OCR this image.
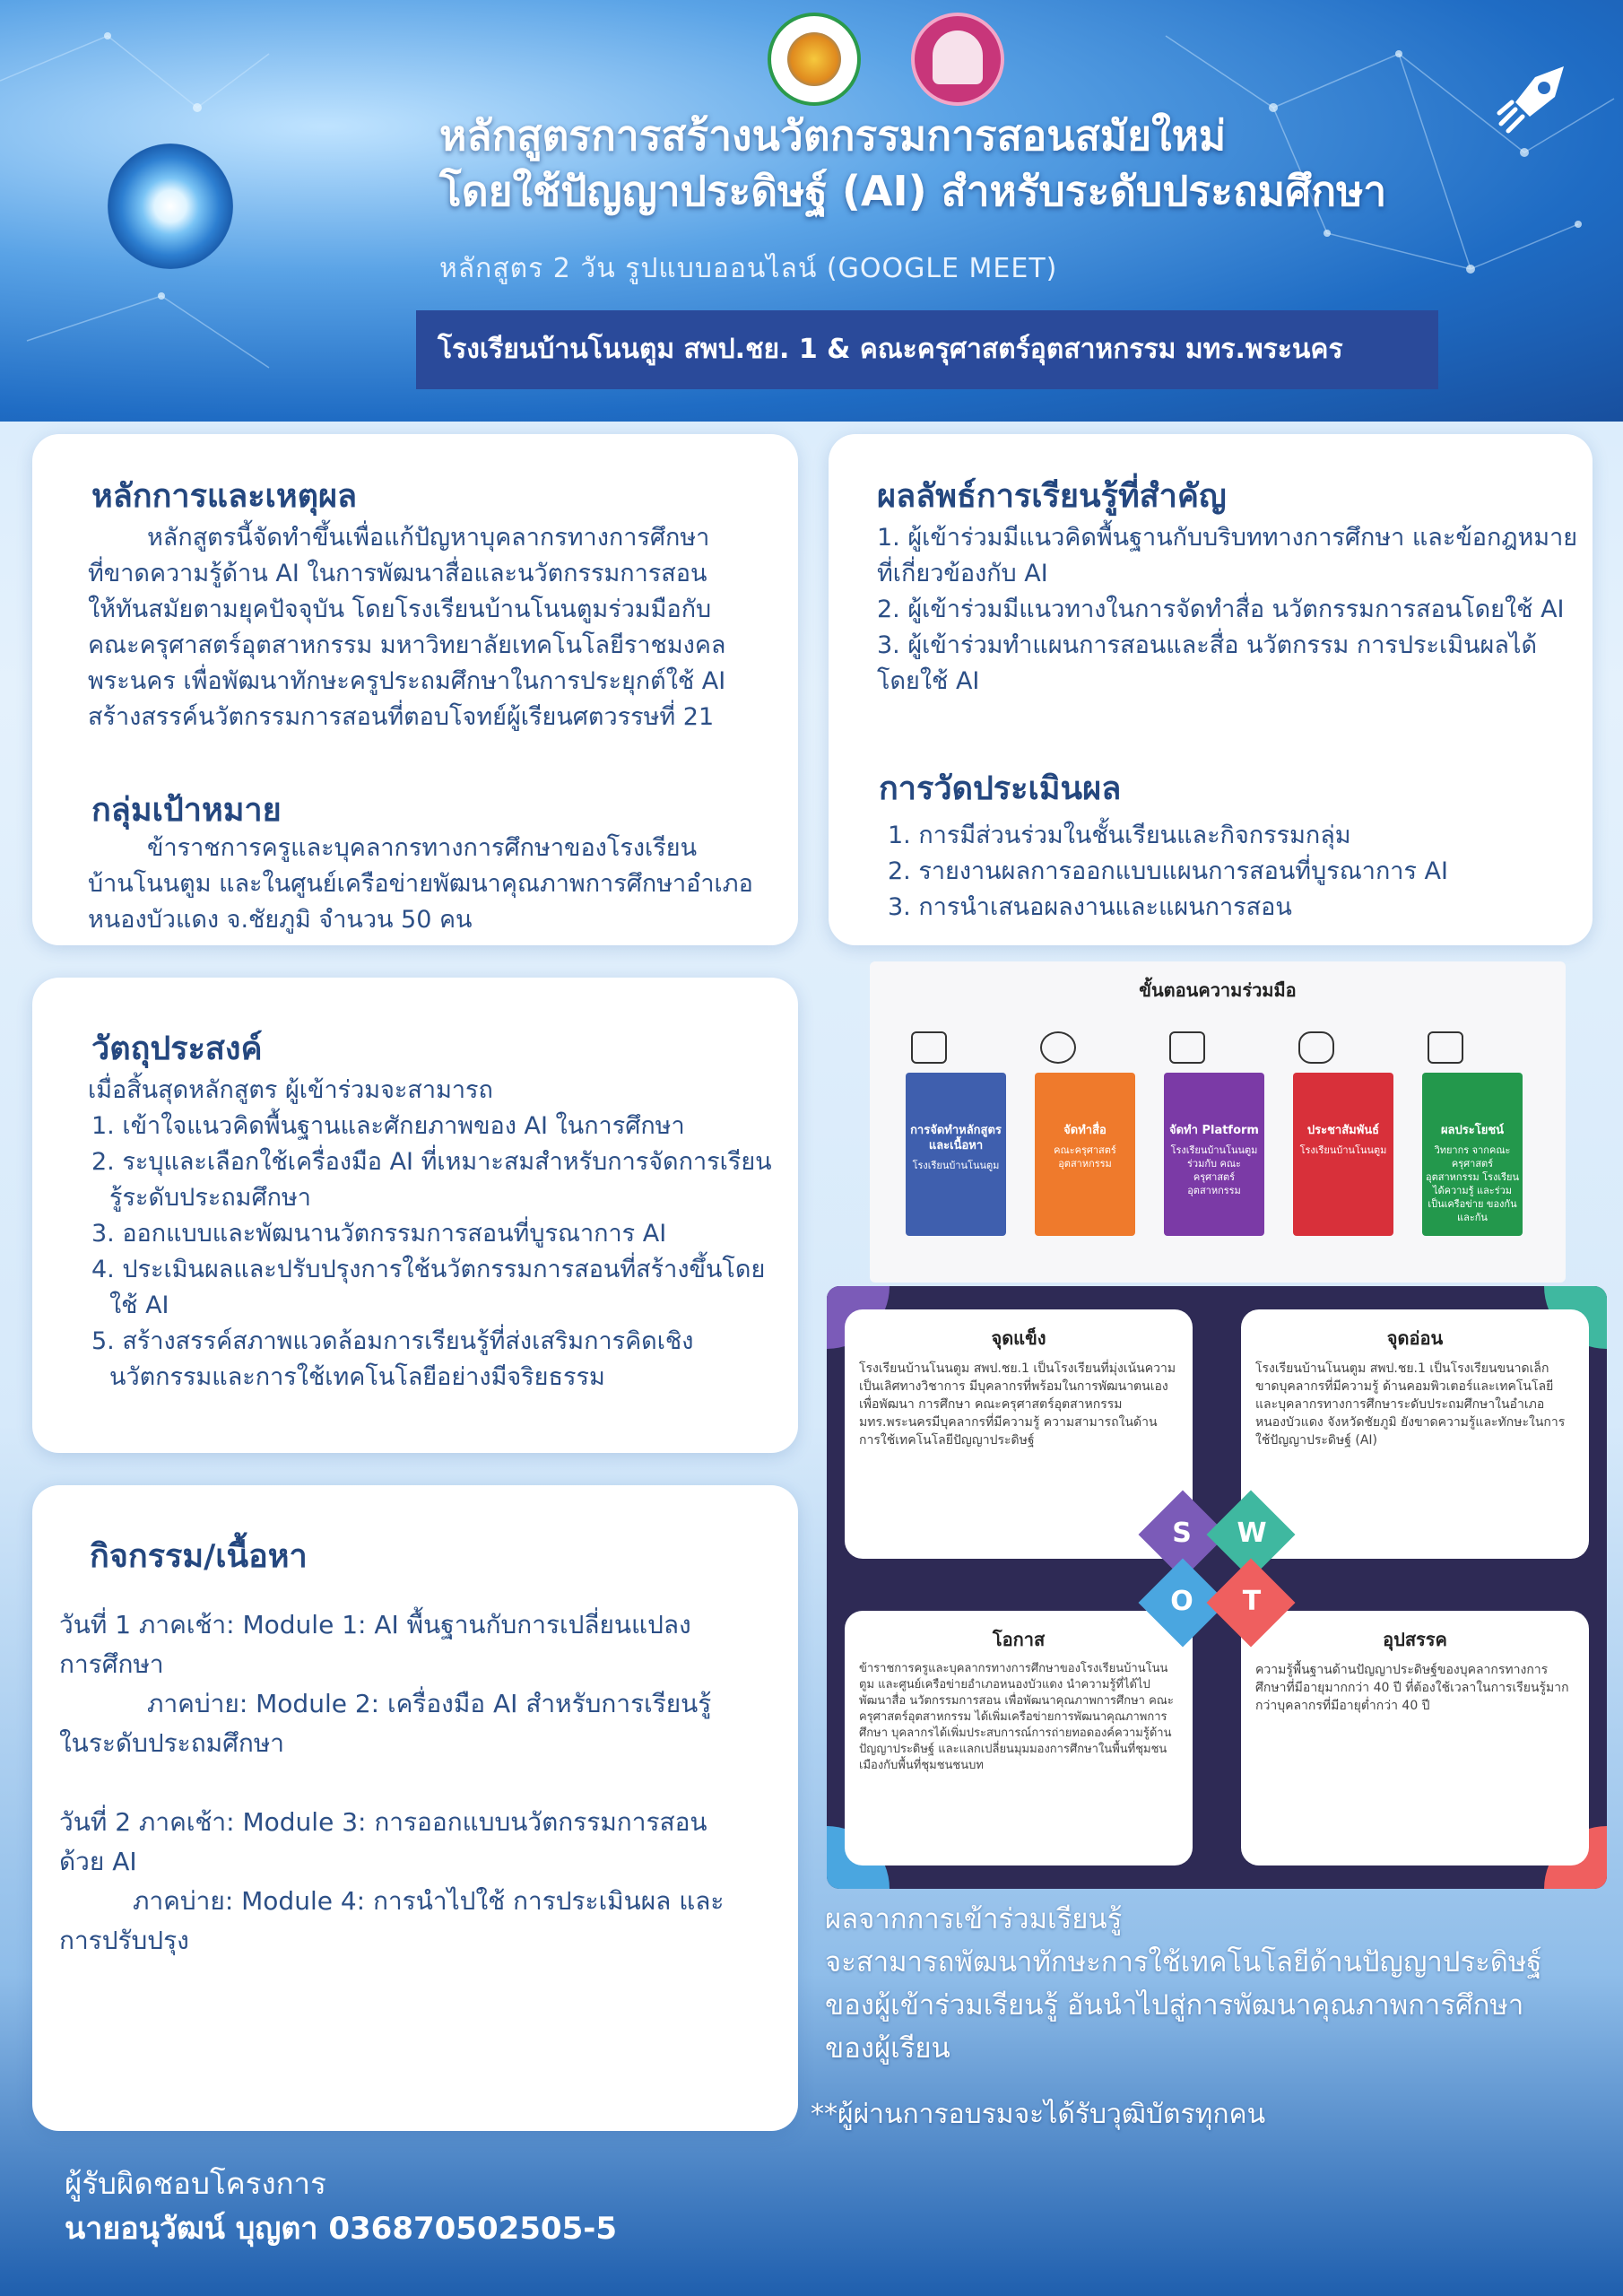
หลักสูตรการสร้างนวัตกรรมการสอนสมัยใหม่
โดยใช้ปัญญาประดิษฐ์ (AI) สำหรับระดับประถมศึกษา
หลักสูตร 2 วัน รูปแบบออนไลน์ (GOOGLE MEET)
โรงเรียนบ้านโนนตูม สพป.ชย. 1 & คณะครุศาสตร์อุตสาหกรรม มทร.พระนคร
หลักการและเหตุผล

หลักสูตรนี้จัดทำขึ้นเพื่อแก้ปัญหาบุคลากรทางการศึกษา

ที่ขาดความรู้ด้าน AI ในการพัฒนาสื่อและนวัตกรรมการสอน

ให้ทันสมัยตามยุคปัจจุบัน โดยโรงเรียนบ้านโนนตูมร่วมมือกับ

คณะครุศาสตร์อุตสาหกรรม มหาวิทยาลัยเทคโนโลยีราชมงคล

พระนคร เพื่อพัฒนาทักษะครูประถมศึกษาในการประยุกต์ใช้ AI

สร้างสรรค์นวัตกรรมการสอนที่ตอบโจทย์ผู้เรียนศตวรรษที่ 21

กลุ่มเป้าหมาย

ข้าราชการครูและบุคลากรทางการศึกษาของโรงเรียน

บ้านโนนตูม และในศูนย์เครือข่ายพัฒนาคุณภาพการศึกษาอำเภอ

หนองบัวแดง จ.ชัยภูมิ จำนวน 50 คน

ผลลัพธ์การเรียนรู้ที่สำคัญ
1. ผู้เข้าร่วมมีแนวคิดพื้นฐานกับบริบททางการศึกษา และข้อกฎหมาย
ที่เกี่ยวข้องกับ AI
2. ผู้เข้าร่วมมีแนวทางในการจัดทำสื่อ นวัตกรรมการสอนโดยใช้ AI
3. ผู้เข้าร่วมทำแผนการสอนและสื่อ นวัตกรรม การประเมินผลได้
โดยใช้ AI
การวัดประเมินผล
1. การมีส่วนร่วมในชั้นเรียนและกิจกรรมกลุ่ม
2. รายงานผลการออกแบบแผนการสอนที่บูรณาการ AI
3. การนำเสนอผลงานและแผนการสอน
วัตถุประสงค์
เมื่อสิ้นสุดหลักสูตร ผู้เข้าร่วมจะสามารถ
1. เข้าใจแนวคิดพื้นฐานและศักยภาพของ AI ในการศึกษา
2. ระบุและเลือกใช้เครื่องมือ AI ที่เหมาะสมสำหรับการจัดการเรียน
รู้ระดับประถมศึกษา
3. ออกแบบและพัฒนานวัตกรรมการสอนที่บูรณาการ AI
4. ประเมินผลและปรับปรุงการใช้นวัตกรรมการสอนที่สร้างขึ้นโดย
ใช้ AI
5. สร้างสรรค์สภาพแวดล้อมการเรียนรู้ที่ส่งเสริมการคิดเชิง
นวัตกรรมและการใช้เทคโนโลยีอย่างมีจริยธรรม
กิจกรรม/เนื้อหา
วันที่ 1 ภาคเช้า: Module 1: AI พื้นฐานกับการเปลี่ยนแปลง
การศึกษา
ภาคบ่าย: Module 2: เครื่องมือ AI สำหรับการเรียนรู้
ในระดับประถมศึกษา
วันที่ 2 ภาคเช้า: Module 3: การออกแบบนวัตกรรมการสอน
ด้วย AI
ภาคบ่าย: Module 4: การนำไปใช้ การประเมินผล และ
การปรับปรุง
ขั้นตอนความร่วมมือ
การจัดทำหลักสูตร และเนื้อหา
โรงเรียนบ้านโนนตูม
จัดทำสื่อ
คณะครุศาสตร์ อุตสาหกรรม
จัดทำ Platform
โรงเรียนบ้านโนนตูม ร่วมกับ คณะครุศาสตร์ อุตสาหกรรม
ประชาสัมพันธ์
โรงเรียนบ้านโนนตูม
ผลประโยชน์
วิทยากร จากคณะ ครุศาสตร์อุตสาหกรรม โรงเรียนได้ความรู้ และร่วมเป็นเครือข่าย ของกันและกัน
จุดแข็ง
โรงเรียนบ้านโนนตูม สพป.ชย.1 เป็นโรงเรียนที่มุ่งเน้นความเป็นเลิศทางวิชาการ มีบุคลากรที่พร้อมในการพัฒนาตนเอง เพื่อพัฒนา การศึกษา คณะครุศาสตร์อุตสาหกรรม มทร.พระนครมีบุคลากรที่มีความรู้ ความสามารถในด้านการใช้เทคโนโลยีปัญญาประดิษฐ์
จุดอ่อน
โรงเรียนบ้านโนนตูม สพป.ชย.1 เป็นโรงเรียนขนาดเล็ก ขาดบุคลากรที่มีความรู้ ด้านคอมพิวเตอร์และเทคโนโลยี และบุคลากรทางการศึกษาระดับประถมศึกษาในอำเภอหนองบัวแดง จังหวัดชัยภูมิ ยังขาดความรู้และทักษะในการใช้ปัญญาประดิษฐ์ (AI)
โอกาส
ข้าราชการครูและบุคลากรทางการศึกษาของโรงเรียนบ้านโนนตูม และศูนย์เครือข่ายอำเภอหนองบัวแดง นำความรู้ที่ได้ไปพัฒนาสื่อ นวัตกรรมการสอน เพื่อพัฒนาคุณภาพการศึกษา คณะครุศาสตร์อุตสาหกรรม ได้เพิ่มเครือข่ายการพัฒนาคุณภาพการศึกษา บุคลากรได้เพิ่มประสบการณ์การถ่ายทอดองค์ความรู้ด้านปัญญาประดิษฐ์ และแลกเปลี่ยนมุมมองการศึกษาในพื้นที่ชุมชนเมืองกับพื้นที่ชุมชนชนบท
อุปสรรค
ความรู้พื้นฐานด้านปัญญาประดิษฐ์ของบุคลากรทางการศึกษาที่มีอายุมากกว่า 40 ปี ที่ต้องใช้เวลาในการเรียนรู้มากกว่าบุคลากรที่มีอายุต่ำกว่า 40 ปี
S	W
O	T
ผลจากการเข้าร่วมเรียนรู้
จะสามารถพัฒนาทักษะการใช้เทคโนโลยีด้านปัญญาประดิษฐ์
ของผู้เข้าร่วมเรียนรู้ อันนำไปสู่การพัฒนาคุณภาพการศึกษา
ของผู้เรียน
**ผู้ผ่านการอบรมจะได้รับวุฒิบัตรทุกคน
ผู้รับผิดชอบโครงการ
นายอนุวัฒน์ บุญตา 036870502505-5
